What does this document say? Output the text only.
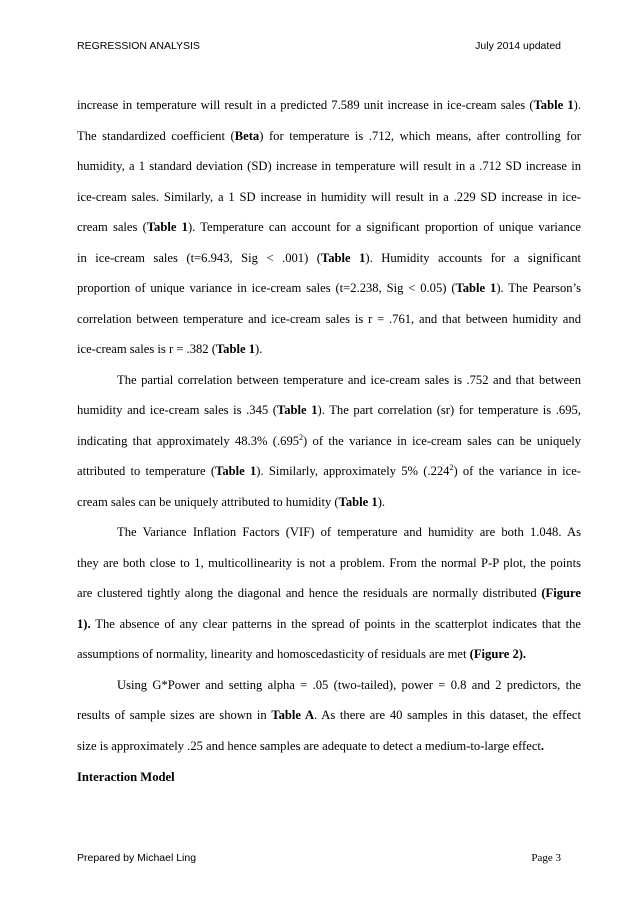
REGRESSION ANALYSIS	July 2014 updated
increase in temperature will result in a predicted 7.589 unit increase in ice-cream sales (Table 1).
The standardized coefficient (Beta) for temperature is .712, which means, after controlling for
humidity, a 1 standard deviation (SD) increase in temperature will result in a .712 SD increase in
ice-cream sales. Similarly, a 1 SD increase in humidity will result in a .229 SD increase in ice-
cream sales (Table 1). Temperature can account for a significant proportion of unique variance
in ice-cream sales (t=6.943, Sig < .001) (Table 1). Humidity accounts for a significant
proportion of unique variance in ice-cream sales (t=2.238, Sig < 0.05) (Table 1). The Pearson’s
correlation between temperature and ice-cream sales is r = .761, and that between humidity and
ice-cream sales is r = .382 (Table 1).
The partial correlation between temperature and ice-cream sales is .752 and that between
humidity and ice-cream sales is .345 (Table 1). The part correlation (sr) for temperature is .695,
indicating that approximately 48.3% (.695$^2$) of the variance in ice-cream sales can be uniquely
attributed to temperature (Table 1). Similarly, approximately 5% (.224$^2$) of the variance in ice-
cream sales can be uniquely attributed to humidity (Table 1).
The Variance Inflation Factors (VIF) of temperature and humidity are both 1.048. As
they are both close to 1, multicollinearity is not a problem. From the normal P-P plot, the points
are clustered tightly along the diagonal and hence the residuals are normally distributed (Figure
1). The absence of any clear patterns in the spread of points in the scatterplot indicates that the
assumptions of normality, linearity and homoscedasticity of residuals are met (Figure 2).
Using G*Power and setting alpha = .05 (two-tailed), power = 0.8 and 2 predictors, the
results of sample sizes are shown in Table A. As there are 40 samples in this dataset, the effect
size is approximately .25 and hence samples are adequate to detect a medium-to-large effect.
Interaction Model
Prepared by Michael Ling	Page 3
